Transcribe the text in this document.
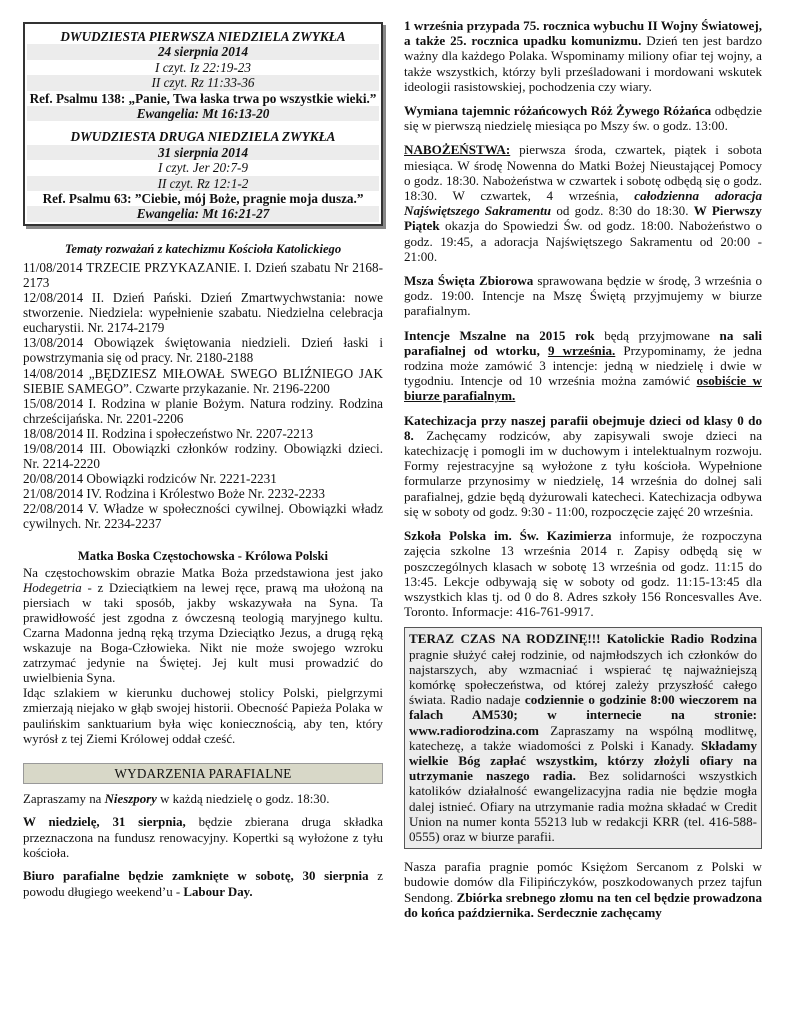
DWUDZIESTA PIERWSZA NIEDZIELA ZWYKŁA
24 sierpnia 2014
I czyt. Iz 22:19-23
II czyt. Rz 11:33-36
Ref. Psalmu 138: „Panie, Twa łaska trwa po wszystkie wieki.”
Ewangelia: Mt 16:13-20
DWUDZIESTA DRUGA NIEDZIELA ZWYKŁA
31 sierpnia 2014
I czyt. Jer 20:7-9
II czyt. Rz 12:1-2
Ref. Psalmu 63: ”Ciebie, mój Boże, pragnie moja dusza.”
Ewangelia: Mt 16:21-27
Tematy rozważań z katechizmu Kościoła Katolickiego
11/08/2014 TRZECIE PRZYKAZANIE. I. Dzień szabatu Nr 2168-2173
12/08/2014 II. Dzień Pański. Dzień Zmartwychwstania: nowe stworzenie. Niedziela: wypełnienie szabatu. Niedzielna celebracja eucharystii. Nr. 2174-2179
13/08/2014 Obowiązek świętowania niedzieli. Dzień łaski i powstrzymania się od pracy. Nr. 2180-2188
14/08/2014 „BĘDZIESZ MIŁOWAŁ SWEGO BLIŹNIEGO JAK SIEBIE SAMEGO”. Czwarte przykazanie. Nr. 2196-2200
15/08/2014 I. Rodzina w planie Bożym. Natura rodziny. Rodzina chrześcijańska. Nr. 2201-2206
18/08/2014 II. Rodzina i społeczeństwo Nr. 2207-2213
19/08/2014 III. Obowiązki członków rodziny. Obowiązki dzieci. Nr. 2214-2220
20/08/2014 Obowiązki rodziców Nr. 2221-2231
21/08/2014 IV. Rodzina i Królestwo Boże Nr. 2232-2233
22/08/2014 V. Władze w społeczności cywilnej. Obowiązki władz cywilnych. Nr. 2234-2237
Matka Boska Częstochowska - Królowa Polski
Na częstochowskim obrazie Matka Boża przedstawiona jest jako Hodegetria - z Dzieciątkiem na lewej ręce, prawą ma ułożoną na piersiach w taki sposób, jakby wskazywała na Syna. Ta prawidłowość jest zgodna z ówczesną teologią maryjnego kultu. Czarna Madonna jedną ręką trzyma Dzieciątko Jezus, a drugą ręką wskazuje na Boga-Człowieka. Nikt nie może swojego wzroku zatrzymać jedynie na Świętej. Jej kult musi prowadzić do uwielbienia Syna.
Idąc szlakiem w kierunku duchowej stolicy Polski, pielgrzymi zmierzają niejako w głąb swojej historii. Obecność Papieża Polaka w paulińskim sanktuarium była więc koniecznością, aby ten, który wyrósł z tej Ziemi Królowej oddał cześć.
WYDARZENIA PARAFIALNE
Zapraszamy na Nieszpory w każdą niedzielę o godz. 18:30.
W niedzielę, 31 sierpnia, będzie zbierana druga składka przeznaczona na fundusz renowacyjny. Kopertki są wyłożone z tyłu kościoła.
Biuro parafialne będzie zamknięte w sobotę, 30 sierpnia z powodu długiego weekend’u - Labour Day.

1 września przypada 75. rocznica wybuchu II Wojny Światowej, a także 25. rocznica upadku komunizmu. Dzień ten jest bardzo ważny dla każdego Polaka. Wspominamy miliony ofiar tej wojny, a także wszystkich, którzy byli prześladowani i mordowani wskutek ideologii rasistowskiej, pochodzenia czy wiary.

Wymiana tajemnic różańcowych Róż Żywego Różańca odbędzie się w pierwszą niedzielę miesiąca po Mszy św. o godz. 13:00.

NABOŻEŃSTWA: pierwsza środa, czwartek, piątek i sobota miesiąca. W środę Nowenna do Matki Bożej Nieustającej Pomocy o godz. 18:30. Nabożeństwa w czwartek i sobotę odbędą się o godz. 18:30. W czwartek, 4 września, całodzienna adoracja Najświętszego Sakramentu od godz. 8:30 do 18:30. W Pierwszy Piątek okazja do Spowiedzi Św. od godz. 18:00. Nabożeństwo o godz. 19:45, a adoracja Najświętszego Sakramentu od 20:00 - 21:00.

Msza Święta Zbiorowa sprawowana będzie w środę, 3 września o godz. 19:00. Intencje na Mszę Świętą przyjmujemy w biurze parafialnym.

Intencje Mszalne na 2015 rok będą przyjmowane na sali parafialnej od wtorku, 9 września. Przypominamy, że jedna rodzina może zamówić 3 intencje: jedną w niedzielę i dwie w tygodniu. Intencje od 10 września można zamówić osobiście w biurze parafialnym.

Katechizacja przy naszej parafii obejmuje dzieci od klasy 0 do 8. Zachęcamy rodziców, aby zapisywali swoje dzieci na katechizację i pomogli im w duchowym i intelektualnym rozwoju. Formy rejestracyjne są wyłożone z tyłu kościoła. Wypełnione formularze przynosimy w niedzielę, 14 września do dolnej sali parafialnej, gdzie będą dyżurowali katecheci. Katechizacja odbywa się w soboty od godz. 9:30 - 11:00, rozpoczęcie zajęć 20 września.

Szkoła Polska im. Św. Kazimierza informuje, że rozpoczyna zajęcia szkolne 13 września 2014 r. Zapisy odbędą się w poszczególnych klasach w sobotę 13 września od godz. 11:15 do 13:45. Lekcje odbywają się w soboty od godz. 11:15-13:45 dla wszystkich klas tj. od 0 do 8. Adres szkoły 156 Roncesvalles Ave. Toronto. Informacje: 416-761-9917.

TERAZ CZAS NA RODZINĘ!!! Katolickie Radio Rodzina pragnie służyć całej rodzinie, od najmłodszych ich członków do najstarszych, aby wzmacniać i wspierać tę najważniejszą komórkę społeczeństwa, od której zależy przyszłość całego świata. Radio nadaje codziennie o godzinie 8:00 wieczorem na falach AM530; w internecie na stronie: www.radiorodzina.com Zapraszamy na wspólną modlitwę, katechezę, a także wiadomości z Polski i Kanady. Składamy wielkie Bóg zapłać wszystkim, którzy złożyli ofiary na utrzymanie naszego radia. Bez solidarności wszystkich katolików działalność ewangelizacyjna radia nie będzie mogła dalej istnieć. Ofiary na utrzymanie radia można składać w Credit Union na numer konta 55213 lub w redakcji KRR (tel. 416-588-0555) oraz w biurze parafii.

Nasza parafia pragnie pomóc Księżom Sercanom z Polski w budowie domów dla Filipińczyków, poszkodowanych przez tajfun Sendong. Zbiórka srebnego złomu na ten cel będzie prowadzona do końca października. Serdecznie zachęcamy
